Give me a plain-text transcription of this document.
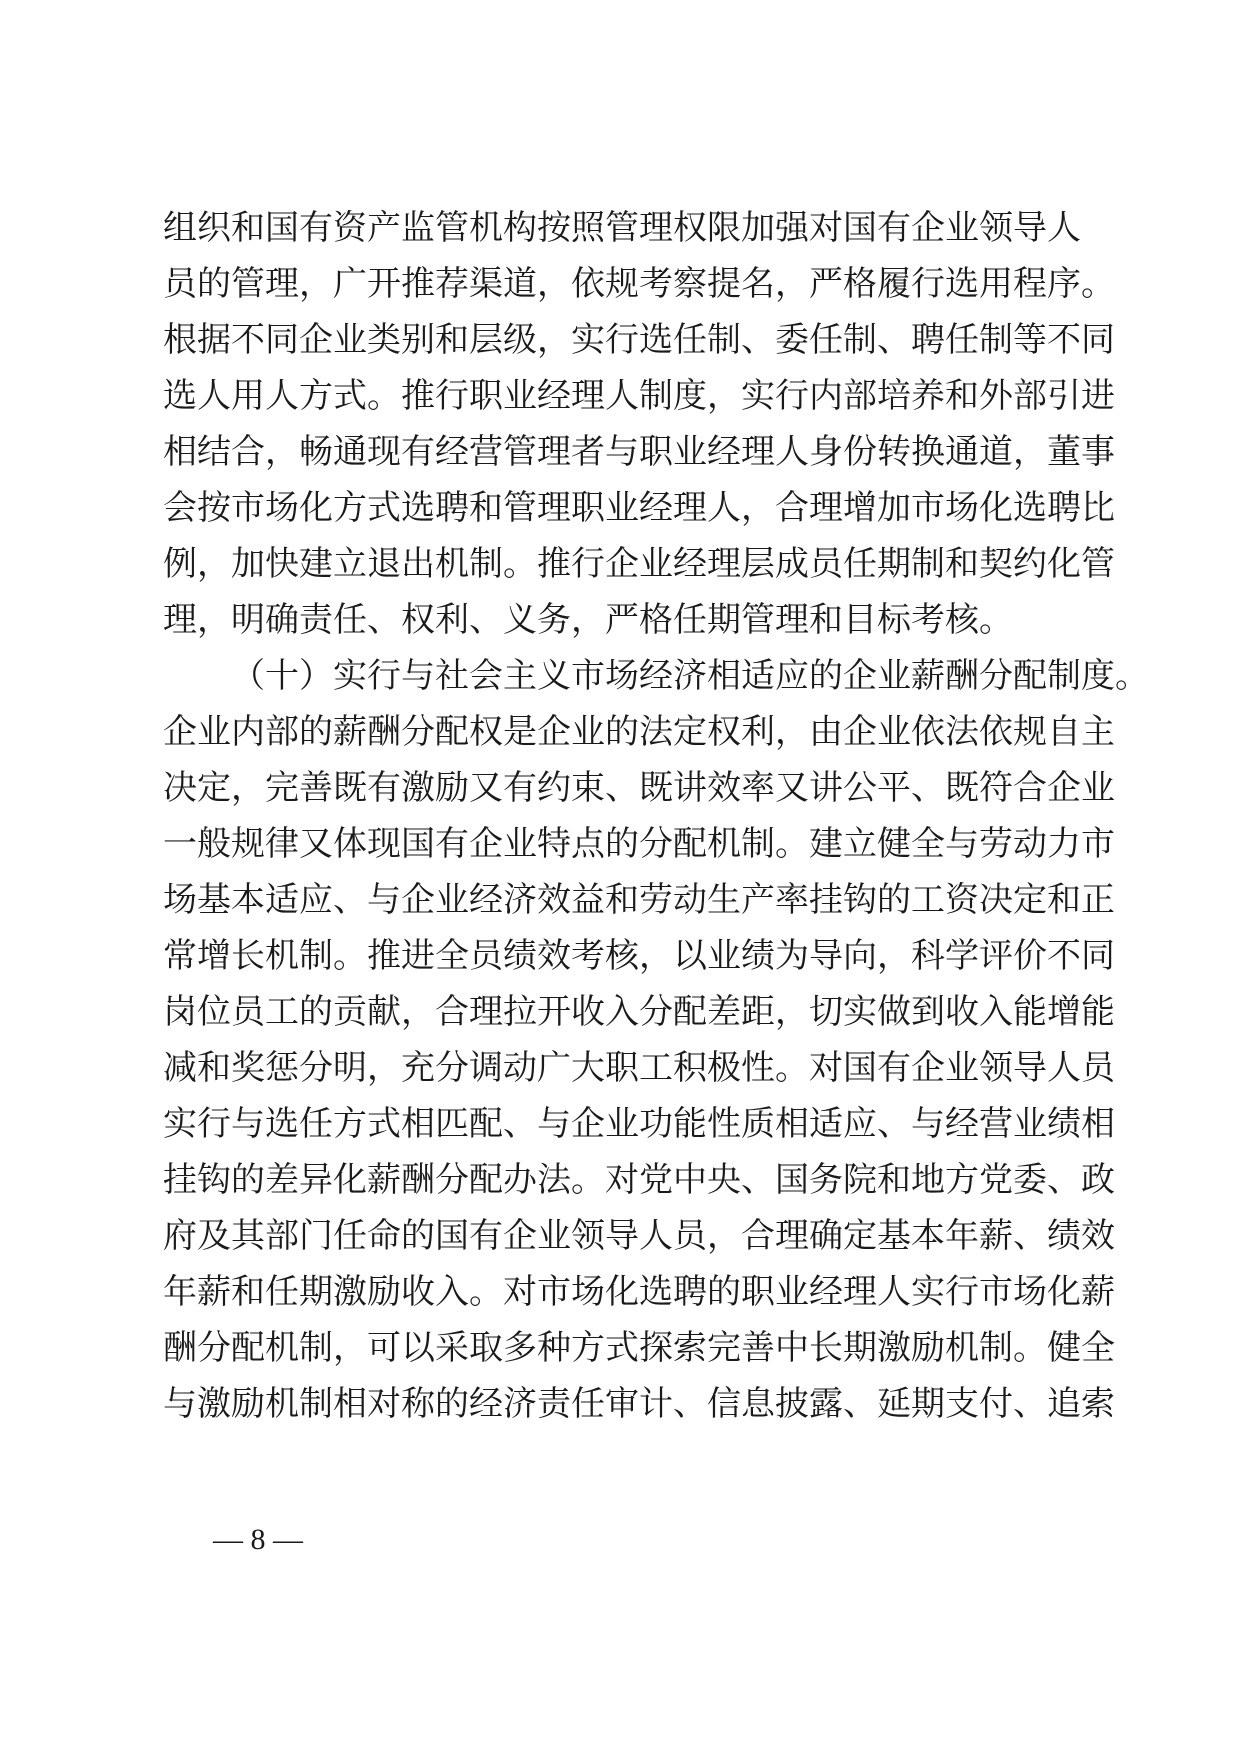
组织和国有资产监管机构按照管理权限加强对国有企业领导人
员的管理，广开推荐渠道，依规考察提名，严格履行选用程序。
根据不同企业类别和层级，实行选任制、委任制、聘任制等不同
选人用人方式。推行职业经理人制度，实行内部培养和外部引进
相结合，畅通现有经营管理者与职业经理人身份转换通道，董事
会按市场化方式选聘和管理职业经理人，合理增加市场化选聘比
例，加快建立退出机制。推行企业经理层成员任期制和契约化管
理，明确责任、权利、义务，严格任期管理和目标考核。
（十）实行与社会主义市场经济相适应的企业薪酬分配制度。
企业内部的薪酬分配权是企业的法定权利，由企业依法依规自主
决定，完善既有激励又有约束、既讲效率又讲公平、既符合企业
一般规律又体现国有企业特点的分配机制。建立健全与劳动力市
场基本适应、与企业经济效益和劳动生产率挂钩的工资决定和正
常增长机制。推进全员绩效考核，以业绩为导向，科学评价不同
岗位员工的贡献，合理拉开收入分配差距，切实做到收入能增能
减和奖惩分明，充分调动广大职工积极性。对国有企业领导人员
实行与选任方式相匹配、与企业功能性质相适应、与经营业绩相
挂钩的差异化薪酬分配办法。对党中央、国务院和地方党委、政
府及其部门任命的国有企业领导人员，合理确定基本年薪、绩效
年薪和任期激励收入。对市场化选聘的职业经理人实行市场化薪
酬分配机制，可以采取多种方式探索完善中长期激励机制。健全
与激励机制相对称的经济责任审计、信息披露、延期支付、追索
— 8 —
